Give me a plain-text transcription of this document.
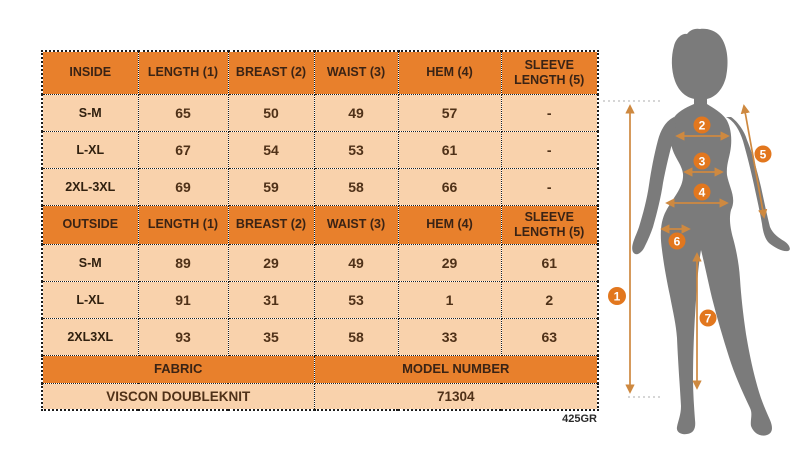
INSIDE	LENGTH (1)	BREAST (2)	WAIST (3)	HEM (4)	SLEEVE LENGTH (5)
S-M	65	50	49	57	-
L-XL	67	54	53	61	-
2XL-3XL	69	59	58	66	-
OUTSIDE	LENGTH (1)	BREAST (2)	WAIST (3)	HEM (4)	SLEEVE LENGTH (5)
S-M	89	29	49	29	61
L-XL	91	31	53	1	2
2XL3XL	93	35	58	33	63
FABRIC			MODEL NUMBER		
VISCON DOUBLEKNIT			71304		
425GR
1
2
3
4
5
6
7
